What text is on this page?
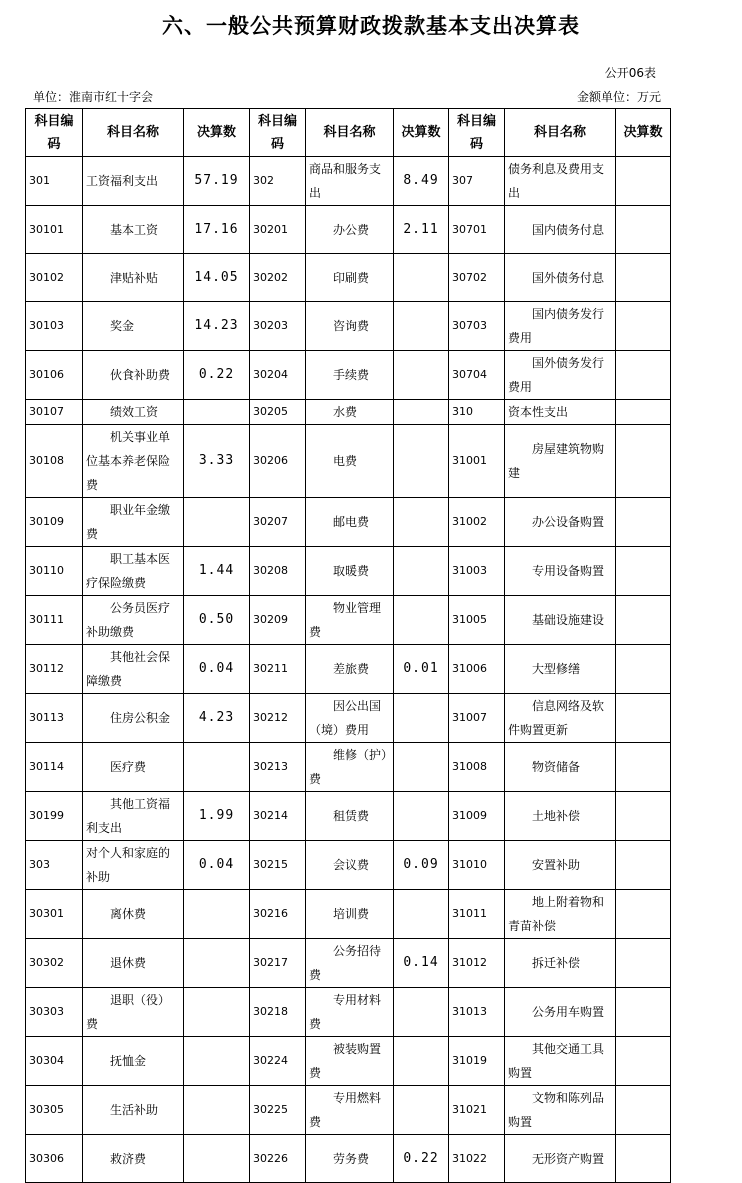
六、一般公共预算财政拨款基本支出决算表
公开06表
单位：淮南市红十字会	金额单位：万元
科目编码	科目名称	决算数	科目编码	科目名称	决算数	科目编码	科目名称	决算数
301	工资福利支出	57.19	302	商品和服务支出	8.49	307	债务利息及费用支出	
30101	基本工资	17.16	30201	办公费	2.11	30701	国内债务付息	
30102	津贴补贴	14.05	30202	印刷费		30702	国外债务付息	
30103	奖金	14.23	30203	咨询费		30703	国内债务发行费用	
30106	伙食补助费	0.22	30204	手续费		30704	国外债务发行费用	
30107	绩效工资		30205	水费		310	资本性支出	
30108	机关事业单位基本养老保险费	3.33	30206	电费		31001	房屋建筑物购建	
30109	职业年金缴费		30207	邮电费		31002	办公设备购置	
30110	职工基本医疗保险缴费	1.44	30208	取暖费		31003	专用设备购置	
30111	公务员医疗补助缴费	0.50	30209	物业管理费		31005	基础设施建设	
30112	其他社会保障缴费	0.04	30211	差旅费	0.01	31006	大型修缮	
30113	住房公积金	4.23	30212	因公出国（境）费用		31007	信息网络及软件购置更新	
30114	医疗费		30213	维修（护）费		31008	物资储备	
30199	其他工资福利支出	1.99	30214	租赁费		31009	土地补偿	
303	对个人和家庭的补助	0.04	30215	会议费	0.09	31010	安置补助	
30301	离休费		30216	培训费		31011	地上附着物和青苗补偿	
30302	退休费		30217	公务招待费	0.14	31012	拆迁补偿	
30303	退职（役）费		30218	专用材料费		31013	公务用车购置	
30304	抚恤金		30224	被装购置费		31019	其他交通工具购置	
30305	生活补助		30225	专用燃料费		31021	文物和陈列品购置	
30306	救济费		30226	劳务费	0.22	31022	无形资产购置	
